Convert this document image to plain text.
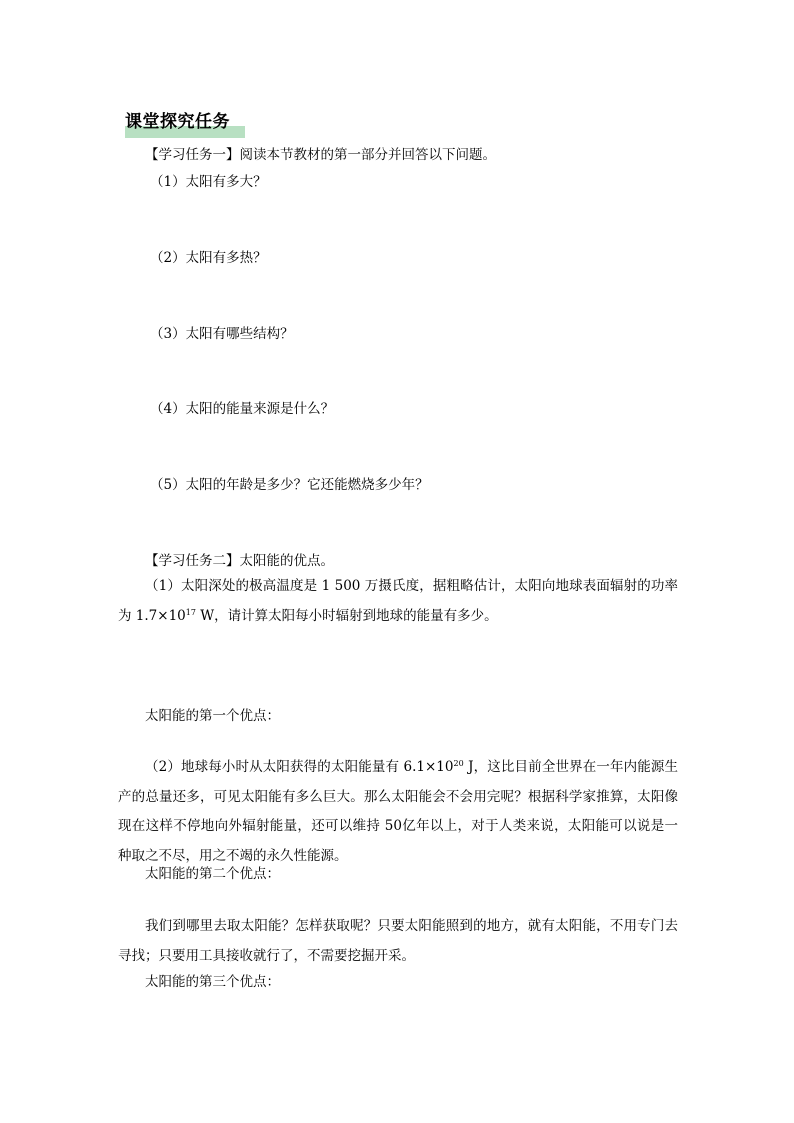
课堂探究任务
【学习任务一】阅读本节教材的第一部分并回答以下问题。
（1）太阳有多大？
（2）太阳有多热？
（3）太阳有哪些结构？
（4）太阳的能量来源是什么？
（5）太阳的年龄是多少？它还能燃烧多少年？
【学习任务二】太阳能的优点。

（1）太阳深处的极高温度是 1 500 万摄氏度，据粗略估计，太阳向地球表面辐射的功率为 $1.7\times 10^{17}$ W，请计算太阳每小时辐射到地球的能量有多少。

太阳能的第一个优点：

（2）地球每小时从太阳获得的太阳能量有 $6.1\times 10^{20}$ J，这比目前全世界在一年内能源生产的总量还多，可见太阳能有多么巨大。那么太阳能会不会用完呢？根据科学家推算，太阳像现在这样不停地向外辐射能量，还可以维持 50亿年以上，对于人类来说，太阳能可以说是一种取之不尽，用之不竭的永久性能源。

太阳能的第二个优点：

我们到哪里去取太阳能？怎样获取呢？只要太阳能照到的地方，就有太阳能，不用专门去寻找；只要用工具接收就行了，不需要挖掘开采。

太阳能的第三个优点：
